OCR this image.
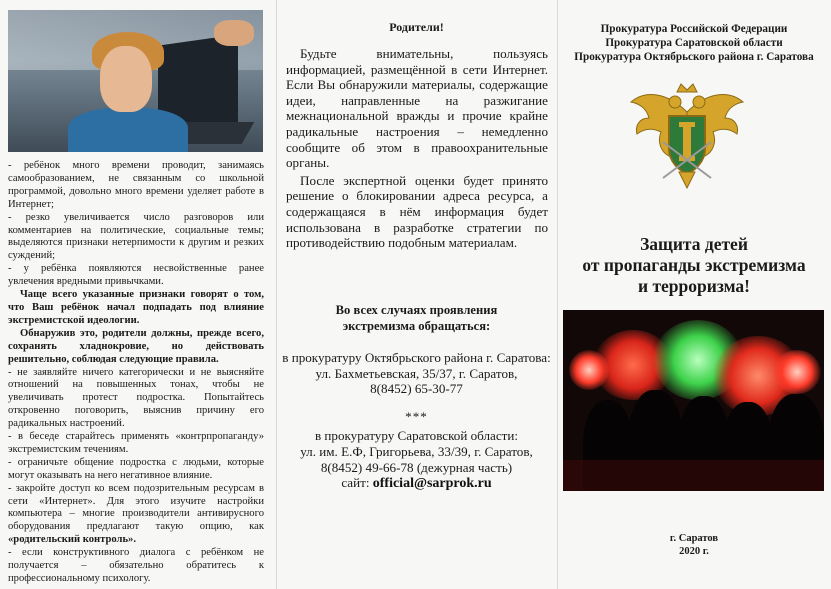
- ребёнок много времени проводит, занимаясь самообразованием, не связанным со школьной программой, довольно много времени уделяет работе в Интернет;

- резко увеличивается число разговоров или комментариев на политические, социальные темы; выделяются признаки нетерпимости к другим и резких суждений;

- у ребёнка появляются несвойственные ранее увлечения вредными привычками.

Чаще всего указанные признаки говорят о том, что Ваш ребёнок начал подпадать под влияние экстремистской идеологии.

Обнаружив это, родители должны, прежде всего, сохранять хладнокровие, но действовать решительно, соблюдая следующие правила.

- не заявляйте ничего категорически и не выясняйте отношений на повышенных тонах, чтобы не увеличивать протест подростка. Попытайтесь откровенно поговорить, выяснив причину его радикальных настроений.

- в беседе старайтесь применять «контрпропаганду» экстремистским течениям.

- ограничьте общение подростка с людьми, которые могут оказывать на него негативное влияние.

- закройте доступ ко всем подозрительным ресурсам в сети «Интернет». Для этого изучите настройки компьютера – многие производители антивирусного оборудования предлагают такую опцию, как «родительский контроль».

- если конструктивного диалога с ребёнком не получается – обязательно обратитесь к профессиональному психологу.

Родители!

Будьте внимательны, пользуясь информацией, размещённой в сети Интернет. Если Вы обнаружили материалы, содержащие идеи, направленные на разжигание межнациональной вражды и прочие крайне радикальные настроения – немедленно сообщите об этом в правоохранительные органы.

После экспертной оценки будет принято решение о блокировании адреса ресурса, а содержащаяся в нём информация будет использована в разработке стратегии по противодействию подобным материалам.

Во всех случаях проявления
экстремизма обращаться:
в прокуратуру Октябрьского района г. Саратова:
ул. Бахметьевская, 35/37, г. Саратов,
8(8452) 65-30-77
***
в прокуратуру Саратовской области:
ул. им. Е.Ф, Григорьева, 33/39, г. Саратов,
8(8452) 49-66-78 (дежурная часть)
сайт: official@sarprok.ru
Прокуратура Российской Федерации
Прокуратура Саратовской области
Прокуратура Октябрьского района г. Саратова
Защита детей
от пропаганды экстремизма
и терроризма!
г. Саратов
2020 г.
